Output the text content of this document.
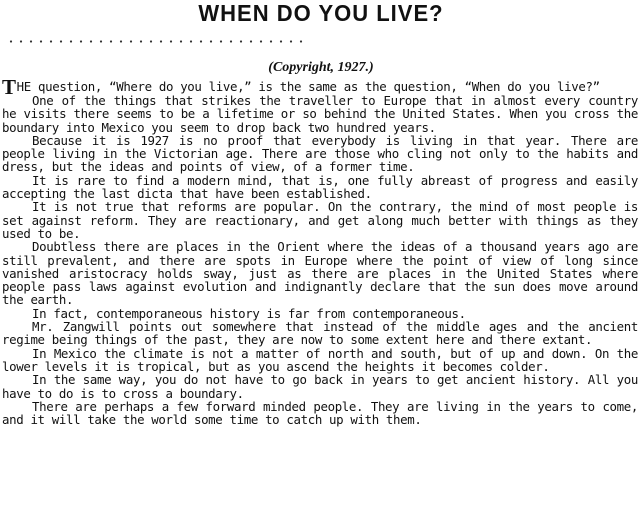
WHEN DO YOU LIVE?
(Copyright, 1927.)

THE question, “Where do you live,” is the same as the question, “When do you live?”

One of the things that strikes the traveller to Europe that in almost every country he visits there seems to be a lifetime or so behind the United States. When you cross the boundary into Mexico you seem to drop back two hundred years.

Because it is 1927 is no proof that everybody is living in that year. There are people living in the Victorian age. There are those who cling not only to the habits and dress, but the ideas and points of view, of a former time.

It is rare to find a modern mind, that is, one fully abreast of progress and easily accepting the last dicta that have been established.

It is not true that reforms are popular. On the contrary, the mind of most people is set against reform. They are reactionary, and get along much better with things as they used to be.

Doubtless there are places in the Orient where the ideas of a thousand years ago are still prevalent, and there are spots in Europe where the point of view of long since vanished aristocracy holds sway, just as there are places in the United States where people pass laws against evolution and indignantly declare that the sun does move around the earth.

In fact, contemporaneous history is far from contemporaneous.

Mr. Zangwill points out somewhere that instead of the middle ages and the ancient regime being things of the past, they are now to some extent here and there extant.

In Mexico the climate is not a matter of north and south, but of up and down. On the lower levels it is tropical, but as you ascend the heights it becomes colder.

In the same way, you do not have to go back in years to get ancient history. All you have to do is to cross a boundary.

There are perhaps a few forward minded people. They are living in the years to come, and it will take the world some time to catch up with them.
